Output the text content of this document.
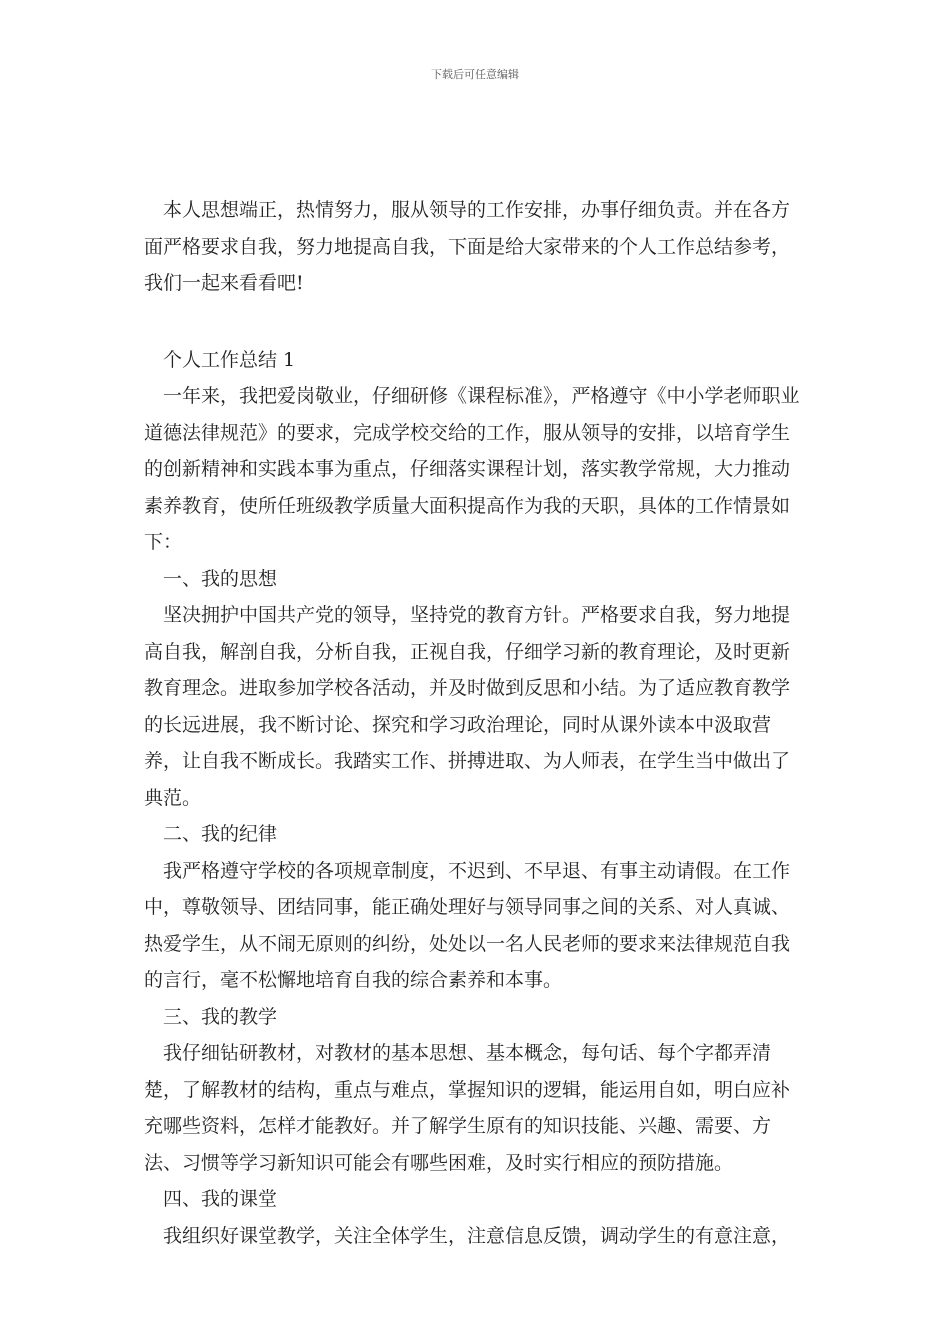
下载后可任意编辑

本人思想端正，热情努力，服从领导的工作安排，办事仔细负责。并在各方面严格要求自我，努力地提高自我，下面是给大家带来的个人工作总结参考，我们一起来看看吧!

个人工作总结 1

一年来，我把爱岗敬业，仔细研修《课程标准》，严格遵守《中小学老师职业道德法律规范》的要求，完成学校交给的工作，服从领导的安排，以培育学生的创新精神和实践本事为重点，仔细落实课程计划，落实教学常规，大力推动素养教育，使所任班级教学质量大面积提高作为我的天职，具体的工作情景如下：

一、我的思想

坚决拥护中国共产党的领导，坚持党的教育方针。严格要求自我，努力地提高自我，解剖自我，分析自我，正视自我，仔细学习新的教育理论，及时更新教育理念。进取参加学校各活动，并及时做到反思和小结。为了适应教育教学的长远进展，我不断讨论、探究和学习政治理论，同时从课外读本中汲取营养，让自我不断成长。我踏实工作、拼搏进取、为人师表，在学生当中做出了典范。

二、我的纪律

我严格遵守学校的各项规章制度，不迟到、不早退、有事主动请假。在工作中，尊敬领导、团结同事，能正确处理好与领导同事之间的关系、对人真诚、热爱学生，从不闹无原则的纠纷，处处以一名人民老师的要求来法律规范自我的言行，毫不松懈地培育自我的综合素养和本事。

三、我的教学

我仔细钻研教材，对教材的基本思想、基本概念，每句话、每个字都弄清楚，了解教材的结构，重点与难点，掌握知识的逻辑，能运用自如，明白应补充哪些资料，怎样才能教好。并了解学生原有的知识技能、兴趣、需要、方法、习惯等学习新知识可能会有哪些困难，及时实行相应的预防措施。

四、我的课堂

我组织好课堂教学，关注全体学生，注意信息反馈，调动学生的有意注意，
